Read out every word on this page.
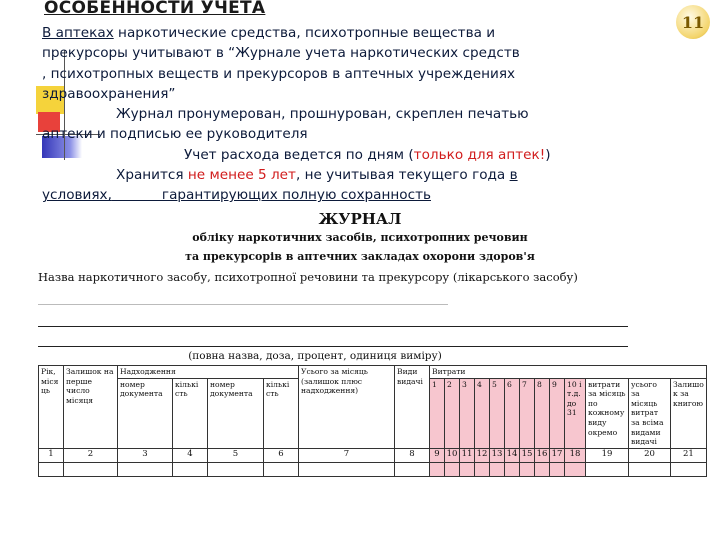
ОСОБЕННОСТИ УЧЕТА
11
В аптеках наркотические средства, психотропные вещества и
прекурсоры учитывают в “Журнале учета наркотических средств
, психотропных веществ и прекурсоров в аптечных учреждениях
здравоохранения”
Журнал пронумерован, прошнурован, скреплен печатью
аптеки и подписью ее руководителя
Учет расхода ведется по дням (только для аптек!)
Хранится не менее 5 лет, не учитывая текущего года в
условиях,	гарантирующих полную сохранность
ЖУРНАЛ
обліку наркотичних засобів, психотропних речовин
та прекурсорів в аптечних закладах охорони здоров'я
Назва наркотичного засобу, психотропної речовини та прекурсору (лікарського засобу)
(повна назва, доза, процент, одиниця виміру)
Рік, міся ць	Залишок на перше число місяця	Надходження				Усього за місяць (залишок плюс надходження)	Види видачі	Витрати												
		номер документа	кількі сть	номер документа	кількі сть			1	2	3	4	5	6	7	8	9	10 і т.д. до 31	витрати за місяць по кожному виду окремо	усього за місяць витрат за всіма видами видачі	Залишо к за книгою

1	2	3	4	5	6	7	8	9	10	11	12	13	14	15	16	17	18	19	20	21
